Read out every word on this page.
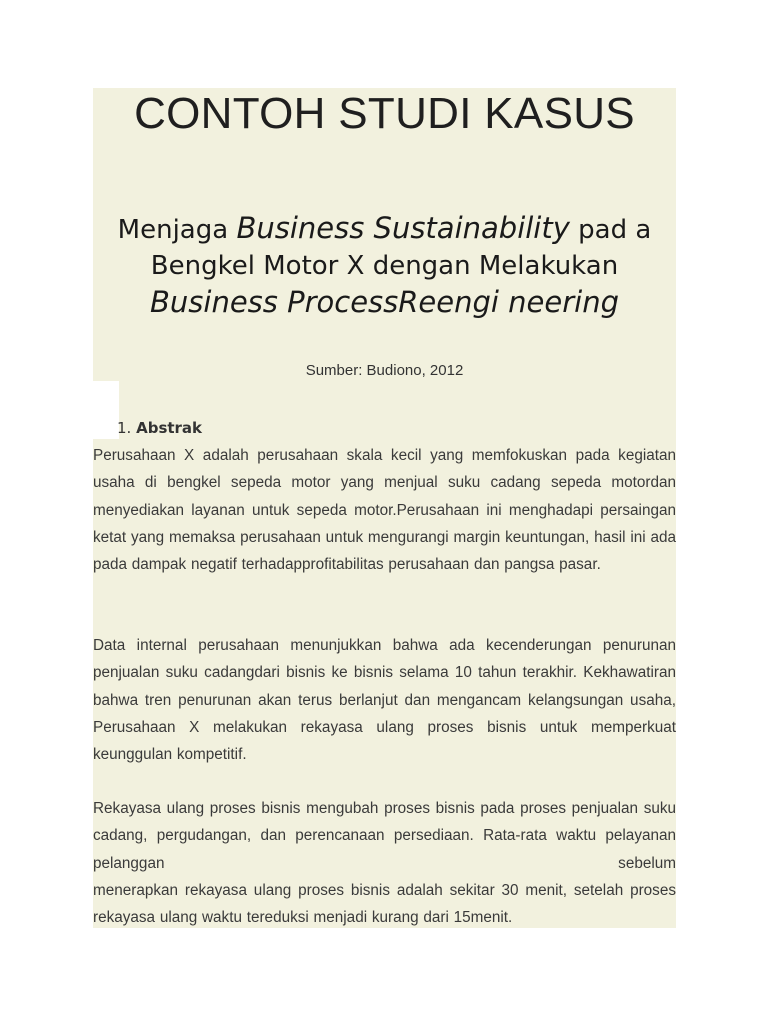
CONTOH STUDI KASUS
Menjaga Business Sustainability pad a Bengkel Motor X dengan Melakukan Business ProcessReengi neering
Sumber: Budiono, 2012
1. Abstrak

Perusahaan X adalah perusahaan skala kecil yang memfokuskan pada kegiatan usaha di bengkel sepeda motor yang menjual suku cadang sepeda motordan menyediakan layanan untuk sepeda motor.Perusahaan ini menghadapi persaingan ketat yang memaksa perusahaan untuk mengurangi margin keuntungan, hasil ini ada pada dampak negatif terhadapprofitabilitas perusahaan dan pangsa pasar.

Data internal perusahaan menunjukkan bahwa ada kecenderungan penurunan penjualan suku cadangdari bisnis ke bisnis selama 10 tahun terakhir. Kekhawatiran bahwa tren penurunan akan terus berlanjut dan mengancam kelangsungan usaha, Perusahaan X melakukan rekayasa ulang proses bisnis untuk memperkuat keunggulan kompetitif.

Rekayasa ulang proses bisnis mengubah proses bisnis pada proses penjualan suku cadang, pergudangan, dan perencanaan persediaan. Rata-rata waktu pelayanan pelanggan sebelum
menerapkan rekayasa ulang proses bisnis adalah sekitar 30 menit, setelah proses rekayasa ulang waktu tereduksi menjadi kurang dari 15menit.
